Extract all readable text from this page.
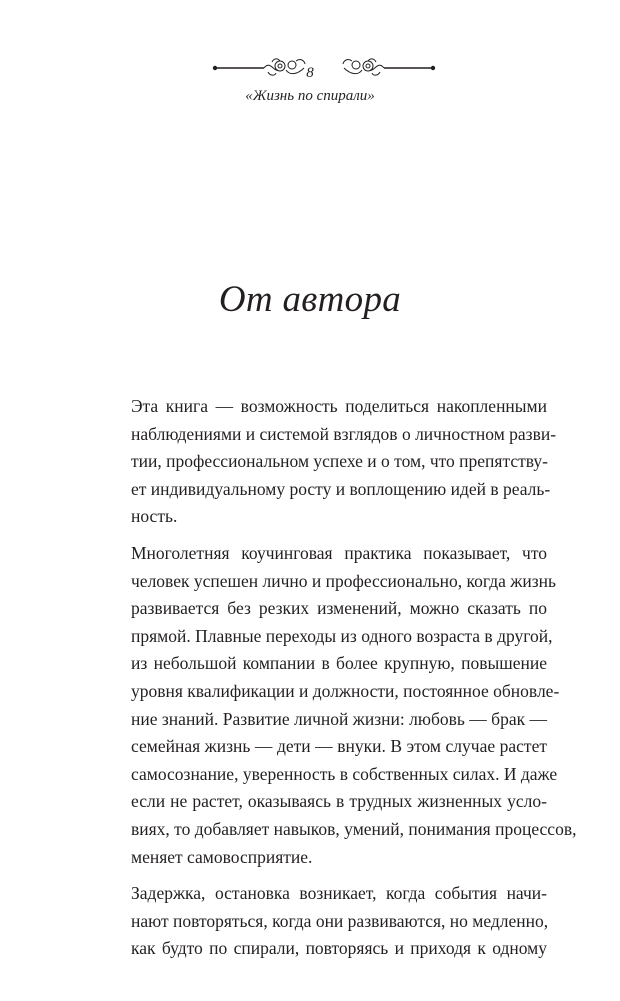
8
«Жизнь по спирали»
От автора

Эта книга — возможность поделиться накопленными
наблюдениями и системой взглядов о личностном разви-
тии, профессиональном успехе и о том, что препятству-
ет индивидуальному росту и воплощению идей в реаль-
ность.

Многолетняя коучинговая практика показывает, что
человек успешен лично и профессионально, когда жизнь
развивается без резких изменений, можно сказать по
прямой. Плавные переходы из одного возраста в другой,
из небольшой компании в более крупную, повышение
уровня квалификации и должности, постоянное обновле-
ние знаний. Развитие личной жизни: любовь — брак —
семейная жизнь — дети — внуки. В этом случае растет
самосознание, уверенность в собственных силах. И даже
если не растет, оказываясь в трудных жизненных усло-
виях, то добавляет навыков, умений, понимания процессов,
меняет самовосприятие.

Задержка, остановка возникает, когда события начи-
нают повторяться, когда они развиваются, но медленно,
как будто по спирали, повторяясь и приходя к одному
